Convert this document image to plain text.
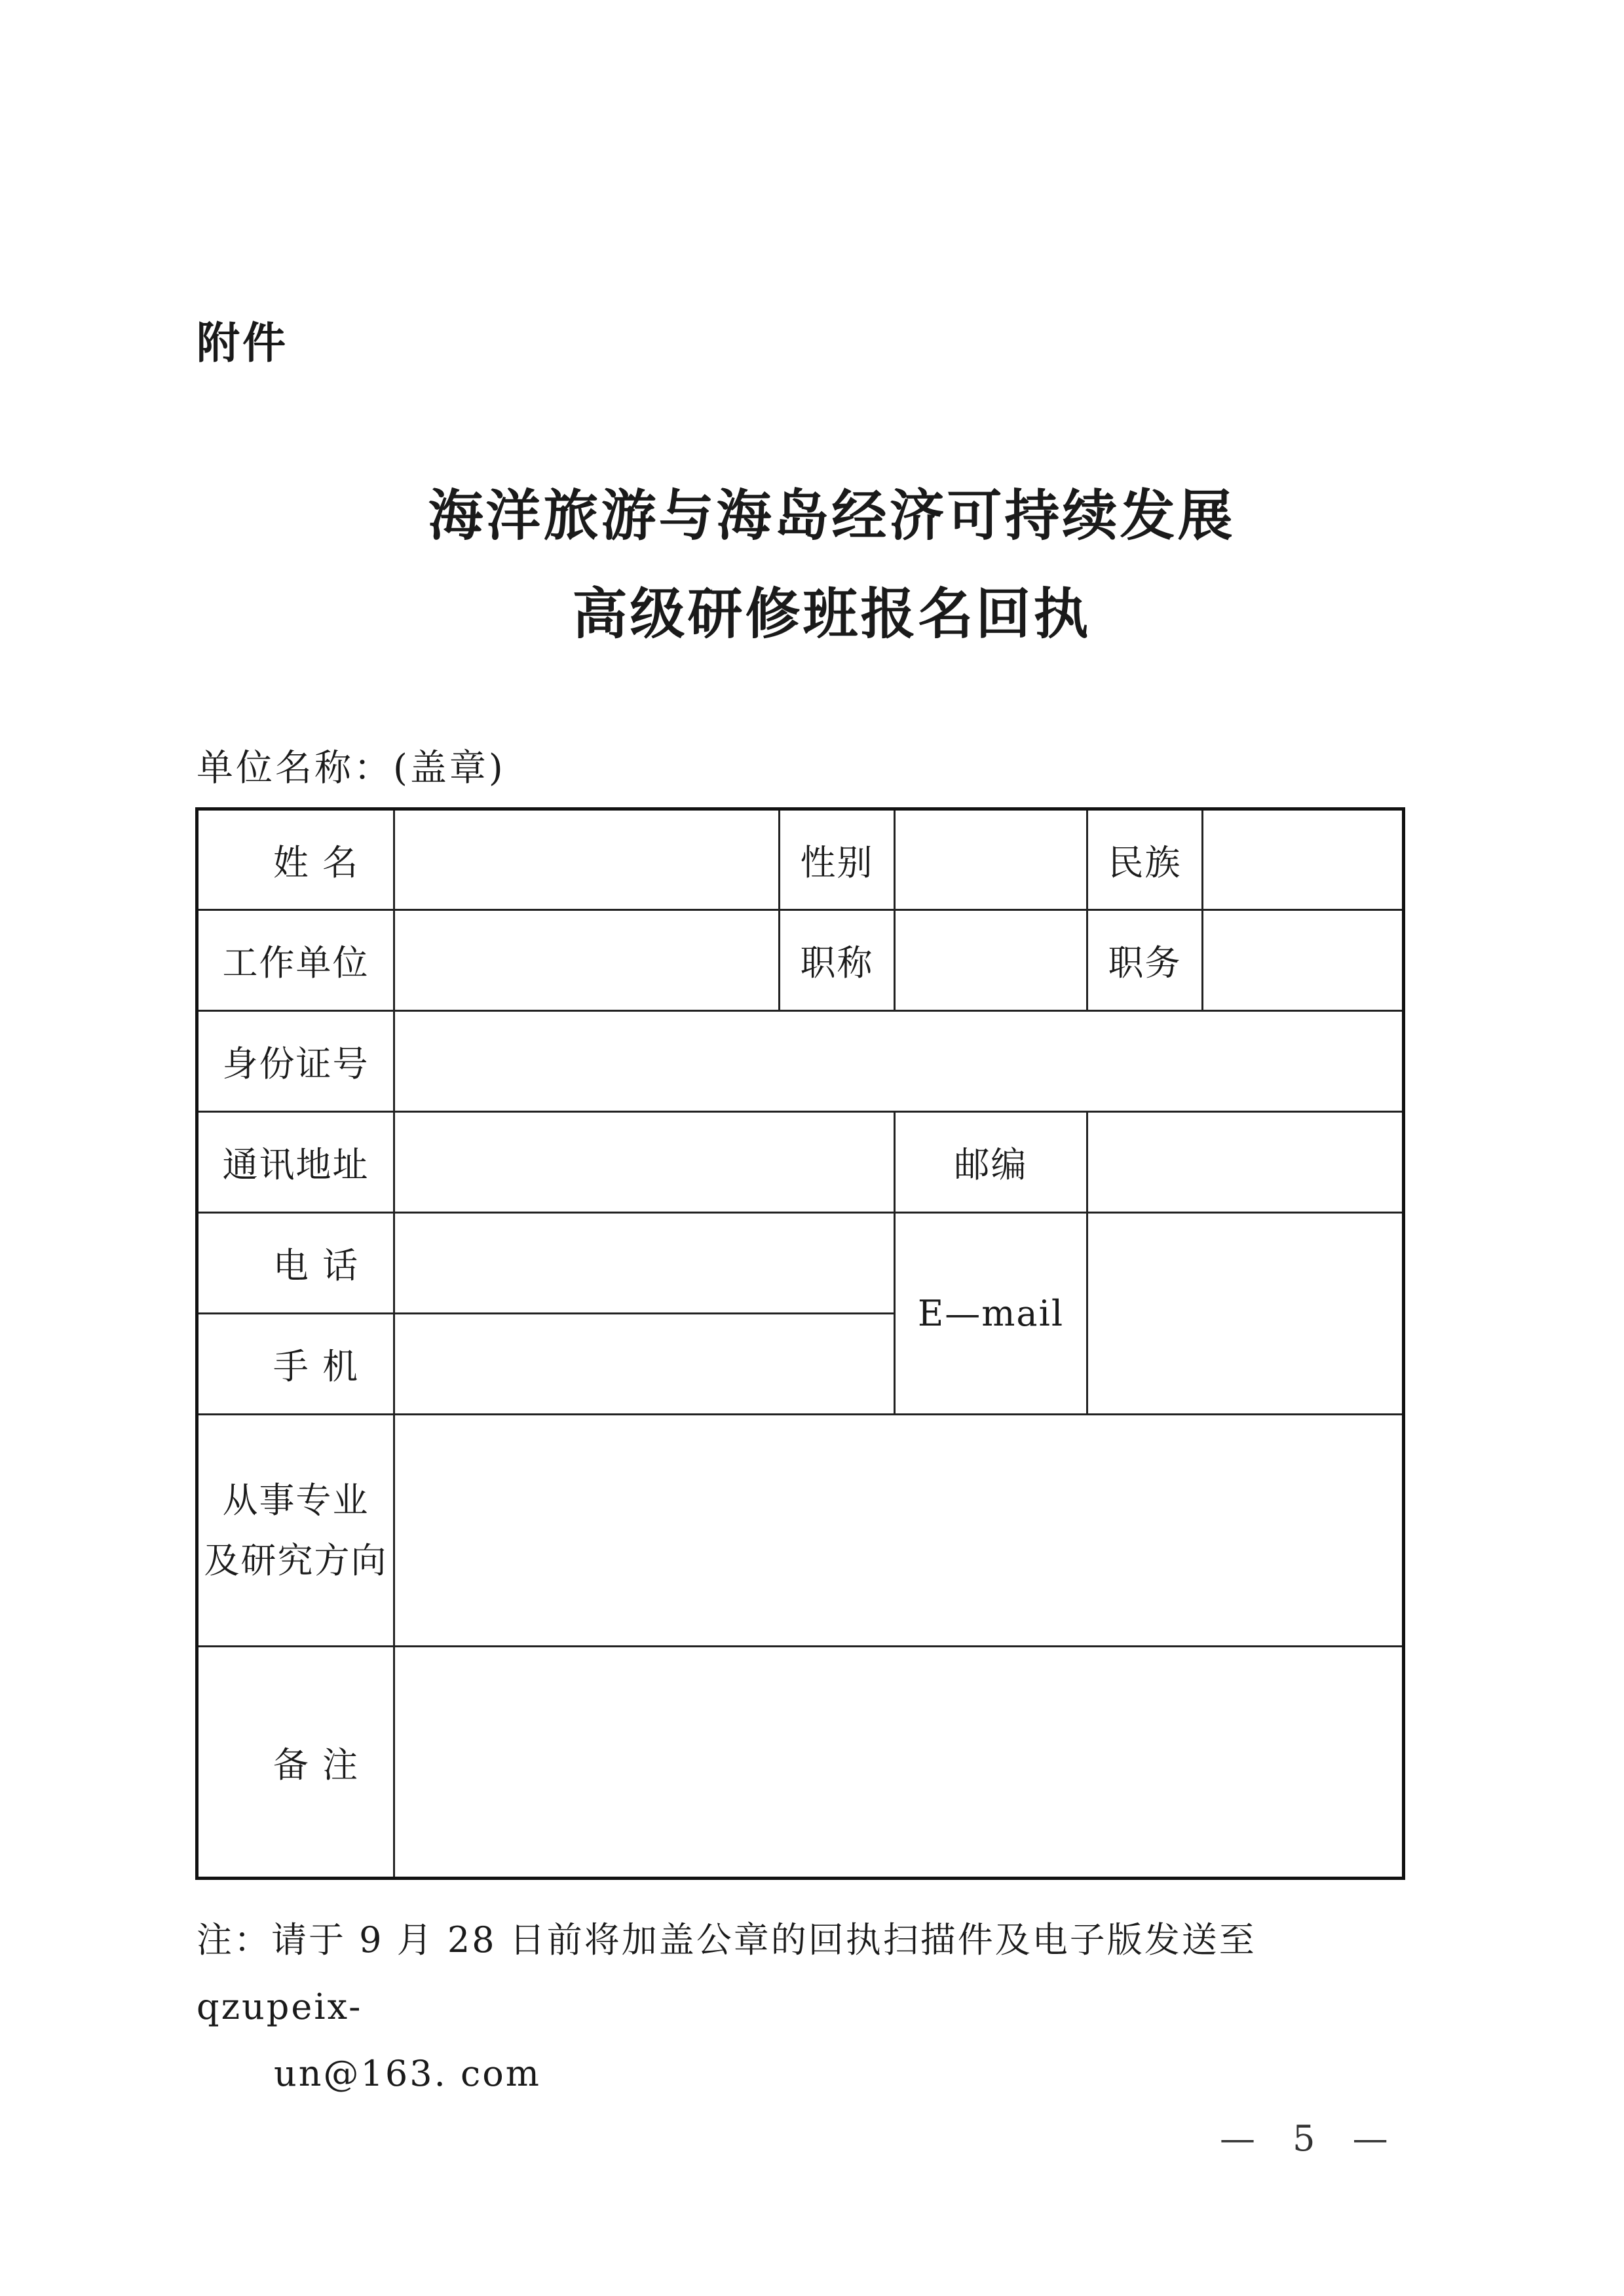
附件
海洋旅游与海岛经济可持续发展
高级研修班报名回执
单位名称：(盖章)
姓 名		性别		民族	
工作单位		职称		职务	
身份证号					
通讯地址			邮编		
电 话			E—mail		
手 机					

从事专业
及研究方向					

备 注					
注：请于 9 月 28 日前将加盖公章的回执扫描件及电子版发送至 qzupeix-
un@163. com
— 5 —
